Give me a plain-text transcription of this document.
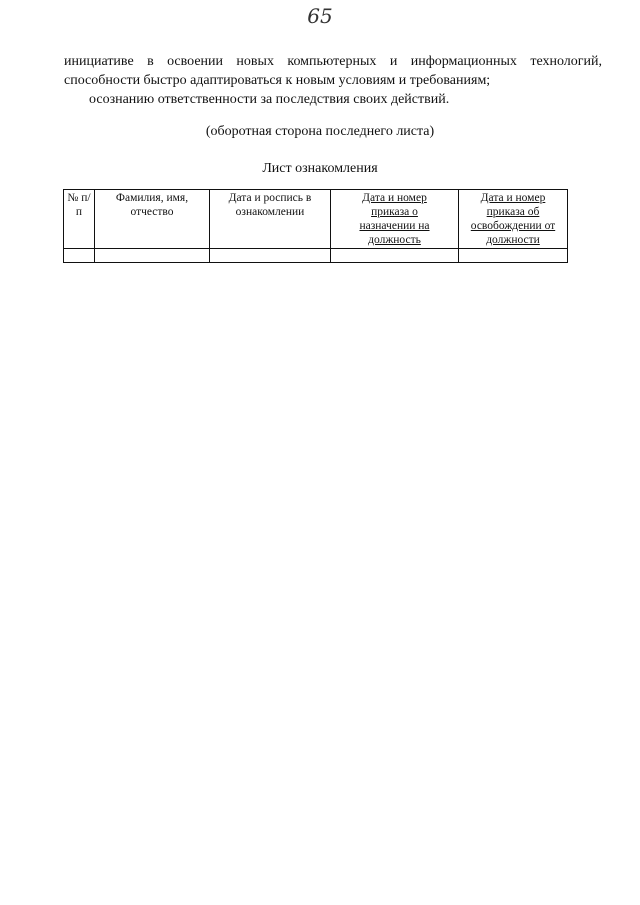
65

инициативе в освоении новых компьютерных и информационных технологий, способности быстро адаптироваться к новым условиям и требованиям;

осознанию ответственности за последствия своих действий.

(оборотная сторона последнего листа)
Лист ознакомления
№ п/п	Фамилия, имя, отчество	Дата и роспись в ознакомлении	Дата и номер приказа о назначении на должность	Дата и номер приказа об освобождении от должности
